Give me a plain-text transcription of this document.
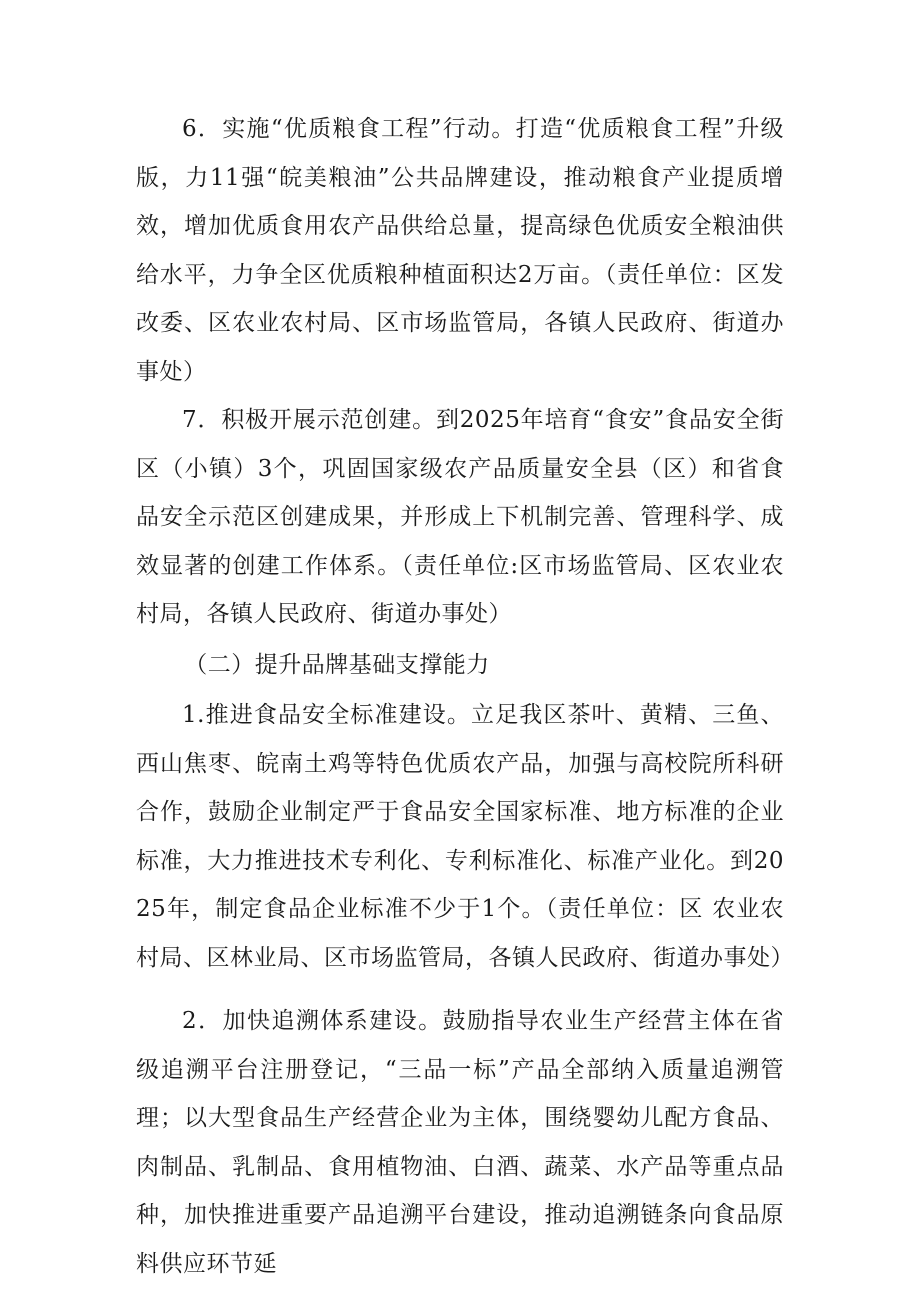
6．实施“优质粮食工程”行动。打造“优质粮食工程”升级版，力11强“皖美粮油”公共品牌建设，推动粮食产业提质增效，增加优质食用农产品供给总量，提高绿色优质安全粮油供给水平，力争全区优质粮种植面积达2万亩。（责任单位：区发改委、区农业农村局、区市场监管局，各镇人民政府、街道办事处）

7．积极开展示范创建。到2025年培育“食安”食品安全街区（小镇）3个，巩固国家级农产品质量安全县（区）和省食品安全示范区创建成果，并形成上下机制完善、管理科学、成效显著的创建工作体系。（责任单位:区市场监管局、区农业农村局，各镇人民政府、街道办事处）

（二）提升品牌基础支撑能力

1.推进食品安全标准建设。立足我区茶叶、黄精、三鱼、西山焦枣、皖南土鸡等特色优质农产品，加强与高校院所科研合作，鼓励企业制定严于食品安全国家标准、地方标准的企业标准，大力推进技术专利化、专利标准化、标准产业化。到2025年，制定食品企业标准不少于1个。（责任单位：区 农业农村局、区林业局、区市场监管局，各镇人民政府、街道办事处）

2．加快追溯体系建设。鼓励指导农业生产经营主体在省级追溯平台注册登记，“三品一标”产品全部纳入质量追溯管理；以大型食品生产经营企业为主体，围绕婴幼儿配方食品、肉制品、乳制品、食用植物油、白酒、蔬菜、水产品等重点品种，加快推进重要产品追溯平台建设，推动追溯链条向食品原料供应环节延
